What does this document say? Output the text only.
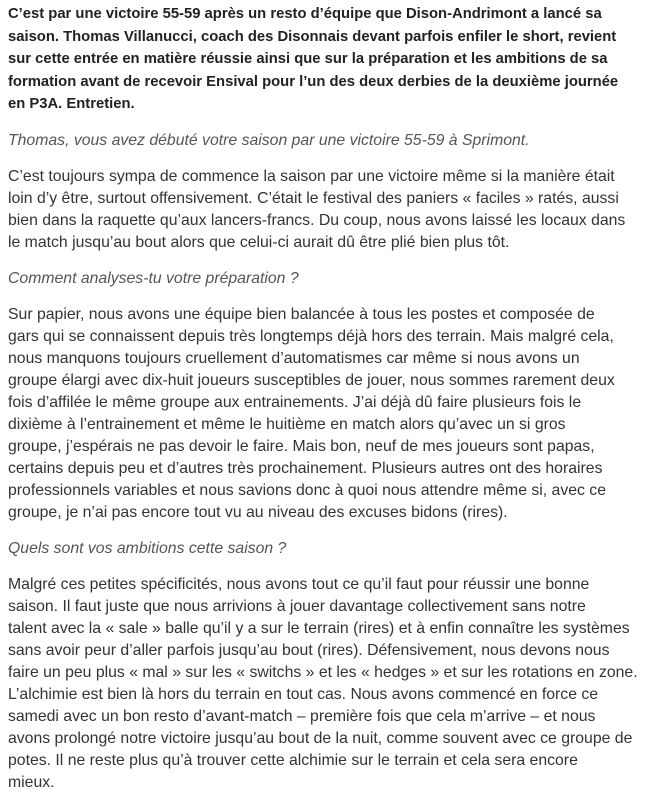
C’est par une victoire 55-59 après un resto d’équipe que Dison-Andrimont a lancé sa
saison. Thomas Villanucci, coach des Disonnais devant parfois enfiler le short, revient
sur cette entrée en matière réussie ainsi que sur la préparation et les ambitions de sa
formation avant de recevoir Ensival pour l’un des deux derbies de la deuxième journée
en P3A. Entretien.

Thomas, vous avez débuté votre saison par une victoire 55-59 à Sprimont.

C’est toujours sympa de commence la saison par une victoire même si la manière était
loin d’y être, surtout offensivement. C’était le festival des paniers « faciles » ratés, aussi
bien dans la raquette qu’aux lancers-francs. Du coup, nous avons laissé les locaux dans
le match jusqu’au bout alors que celui-ci aurait dû être plié bien plus tôt.

Comment analyses-tu votre préparation ?

Sur papier, nous avons une équipe bien balancée à tous les postes et composée de
gars qui se connaissent depuis très longtemps déjà hors des terrain. Mais malgré cela,
nous manquons toujours cruellement d’automatismes car même si nous avons un
groupe élargi avec dix-huit joueurs susceptibles de jouer, nous sommes rarement deux
fois d’affilée le même groupe aux entrainements. J’ai déjà dû faire plusieurs fois le
dixième à l’entrainement et même le huitième en match alors qu’avec un si gros
groupe, j’espérais ne pas devoir le faire. Mais bon, neuf de mes joueurs sont papas,
certains depuis peu et d’autres très prochainement. Plusieurs autres ont des horaires
professionnels variables et nous savions donc à quoi nous attendre même si, avec ce
groupe, je n’ai pas encore tout vu au niveau des excuses bidons (rires).

Quels sont vos ambitions cette saison ?

Malgré ces petites spécificités, nous avons tout ce qu’il faut pour réussir une bonne
saison. Il faut juste que nous arrivions à jouer davantage collectivement sans notre
talent avec la « sale » balle qu’il y a sur le terrain (rires) et à enfin connaître les systèmes
sans avoir peur d’aller parfois jusqu’au bout (rires). Défensivement, nous devons nous
faire un peu plus « mal » sur les « switchs » et les « hedges » et sur les rotations en zone.
L’alchimie est bien là hors du terrain en tout cas. Nous avons commencé en force ce
samedi avec un bon resto d’avant-match – première fois que cela m’arrive – et nous
avons prolongé notre victoire jusqu’au bout de la nuit, comme souvent avec ce groupe de
potes. Il ne reste plus qu’à trouver cette alchimie sur le terrain et cela sera encore
mieux.
